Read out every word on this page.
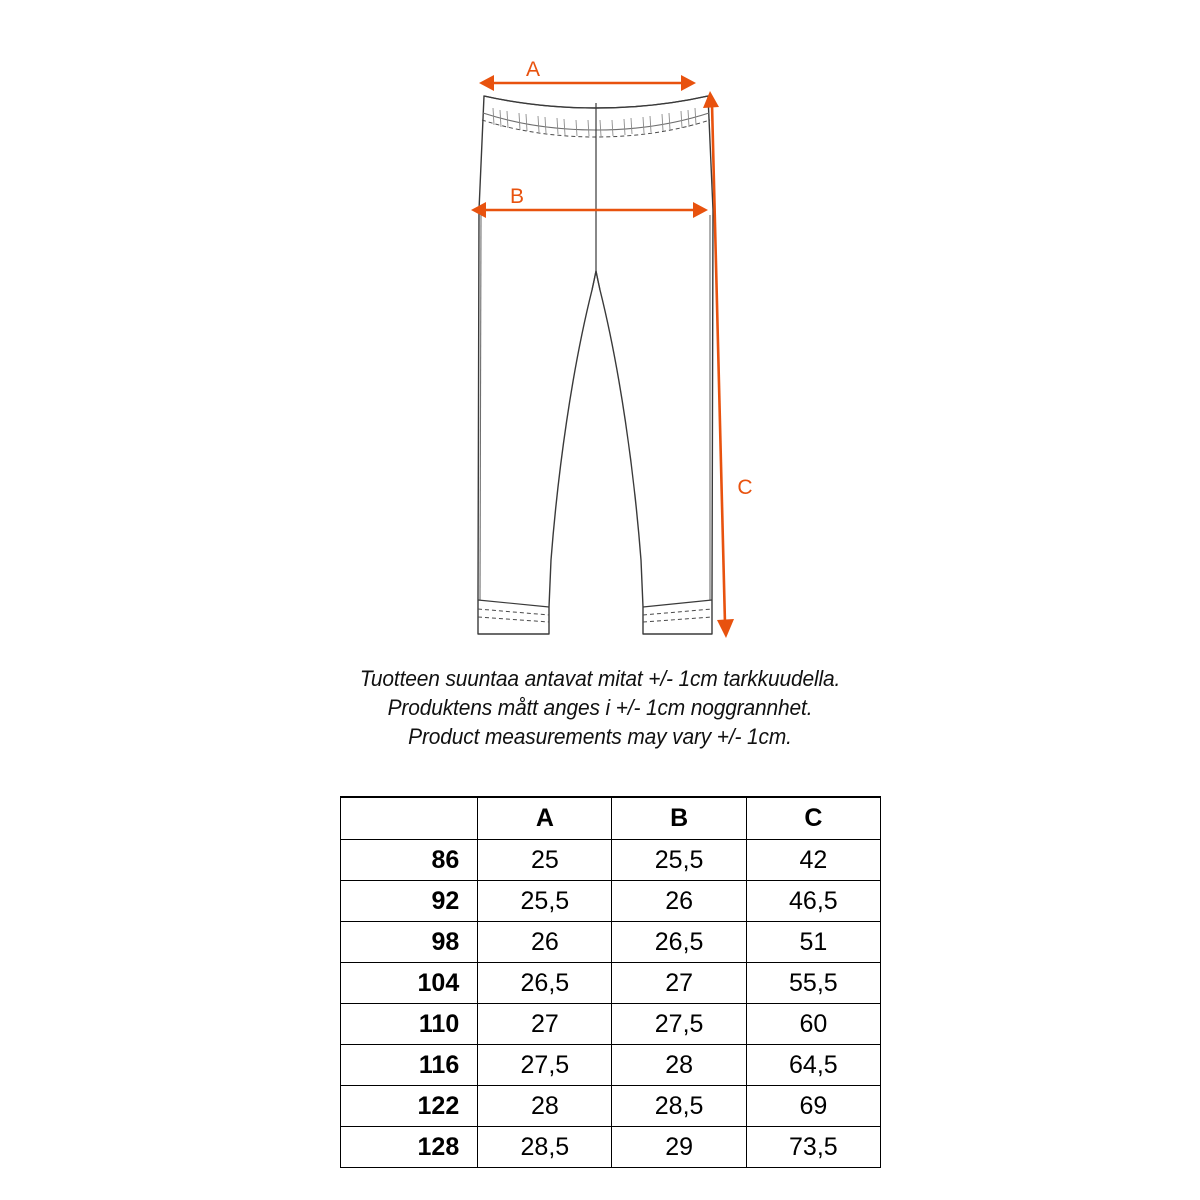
A
B
C
Tuotteen suuntaa antavat mitat +/- 1cm tarkkuudella.
Produktens mått anges i +/- 1cm noggrannhet.
Product measurements may vary +/- 1cm.
	A	B	C
86	25	25,5	42
92	25,5	26	46,5
98	26	26,5	51
104	26,5	27	55,5
110	27	27,5	60
116	27,5	28	64,5
122	28	28,5	69
128	28,5	29	73,5
